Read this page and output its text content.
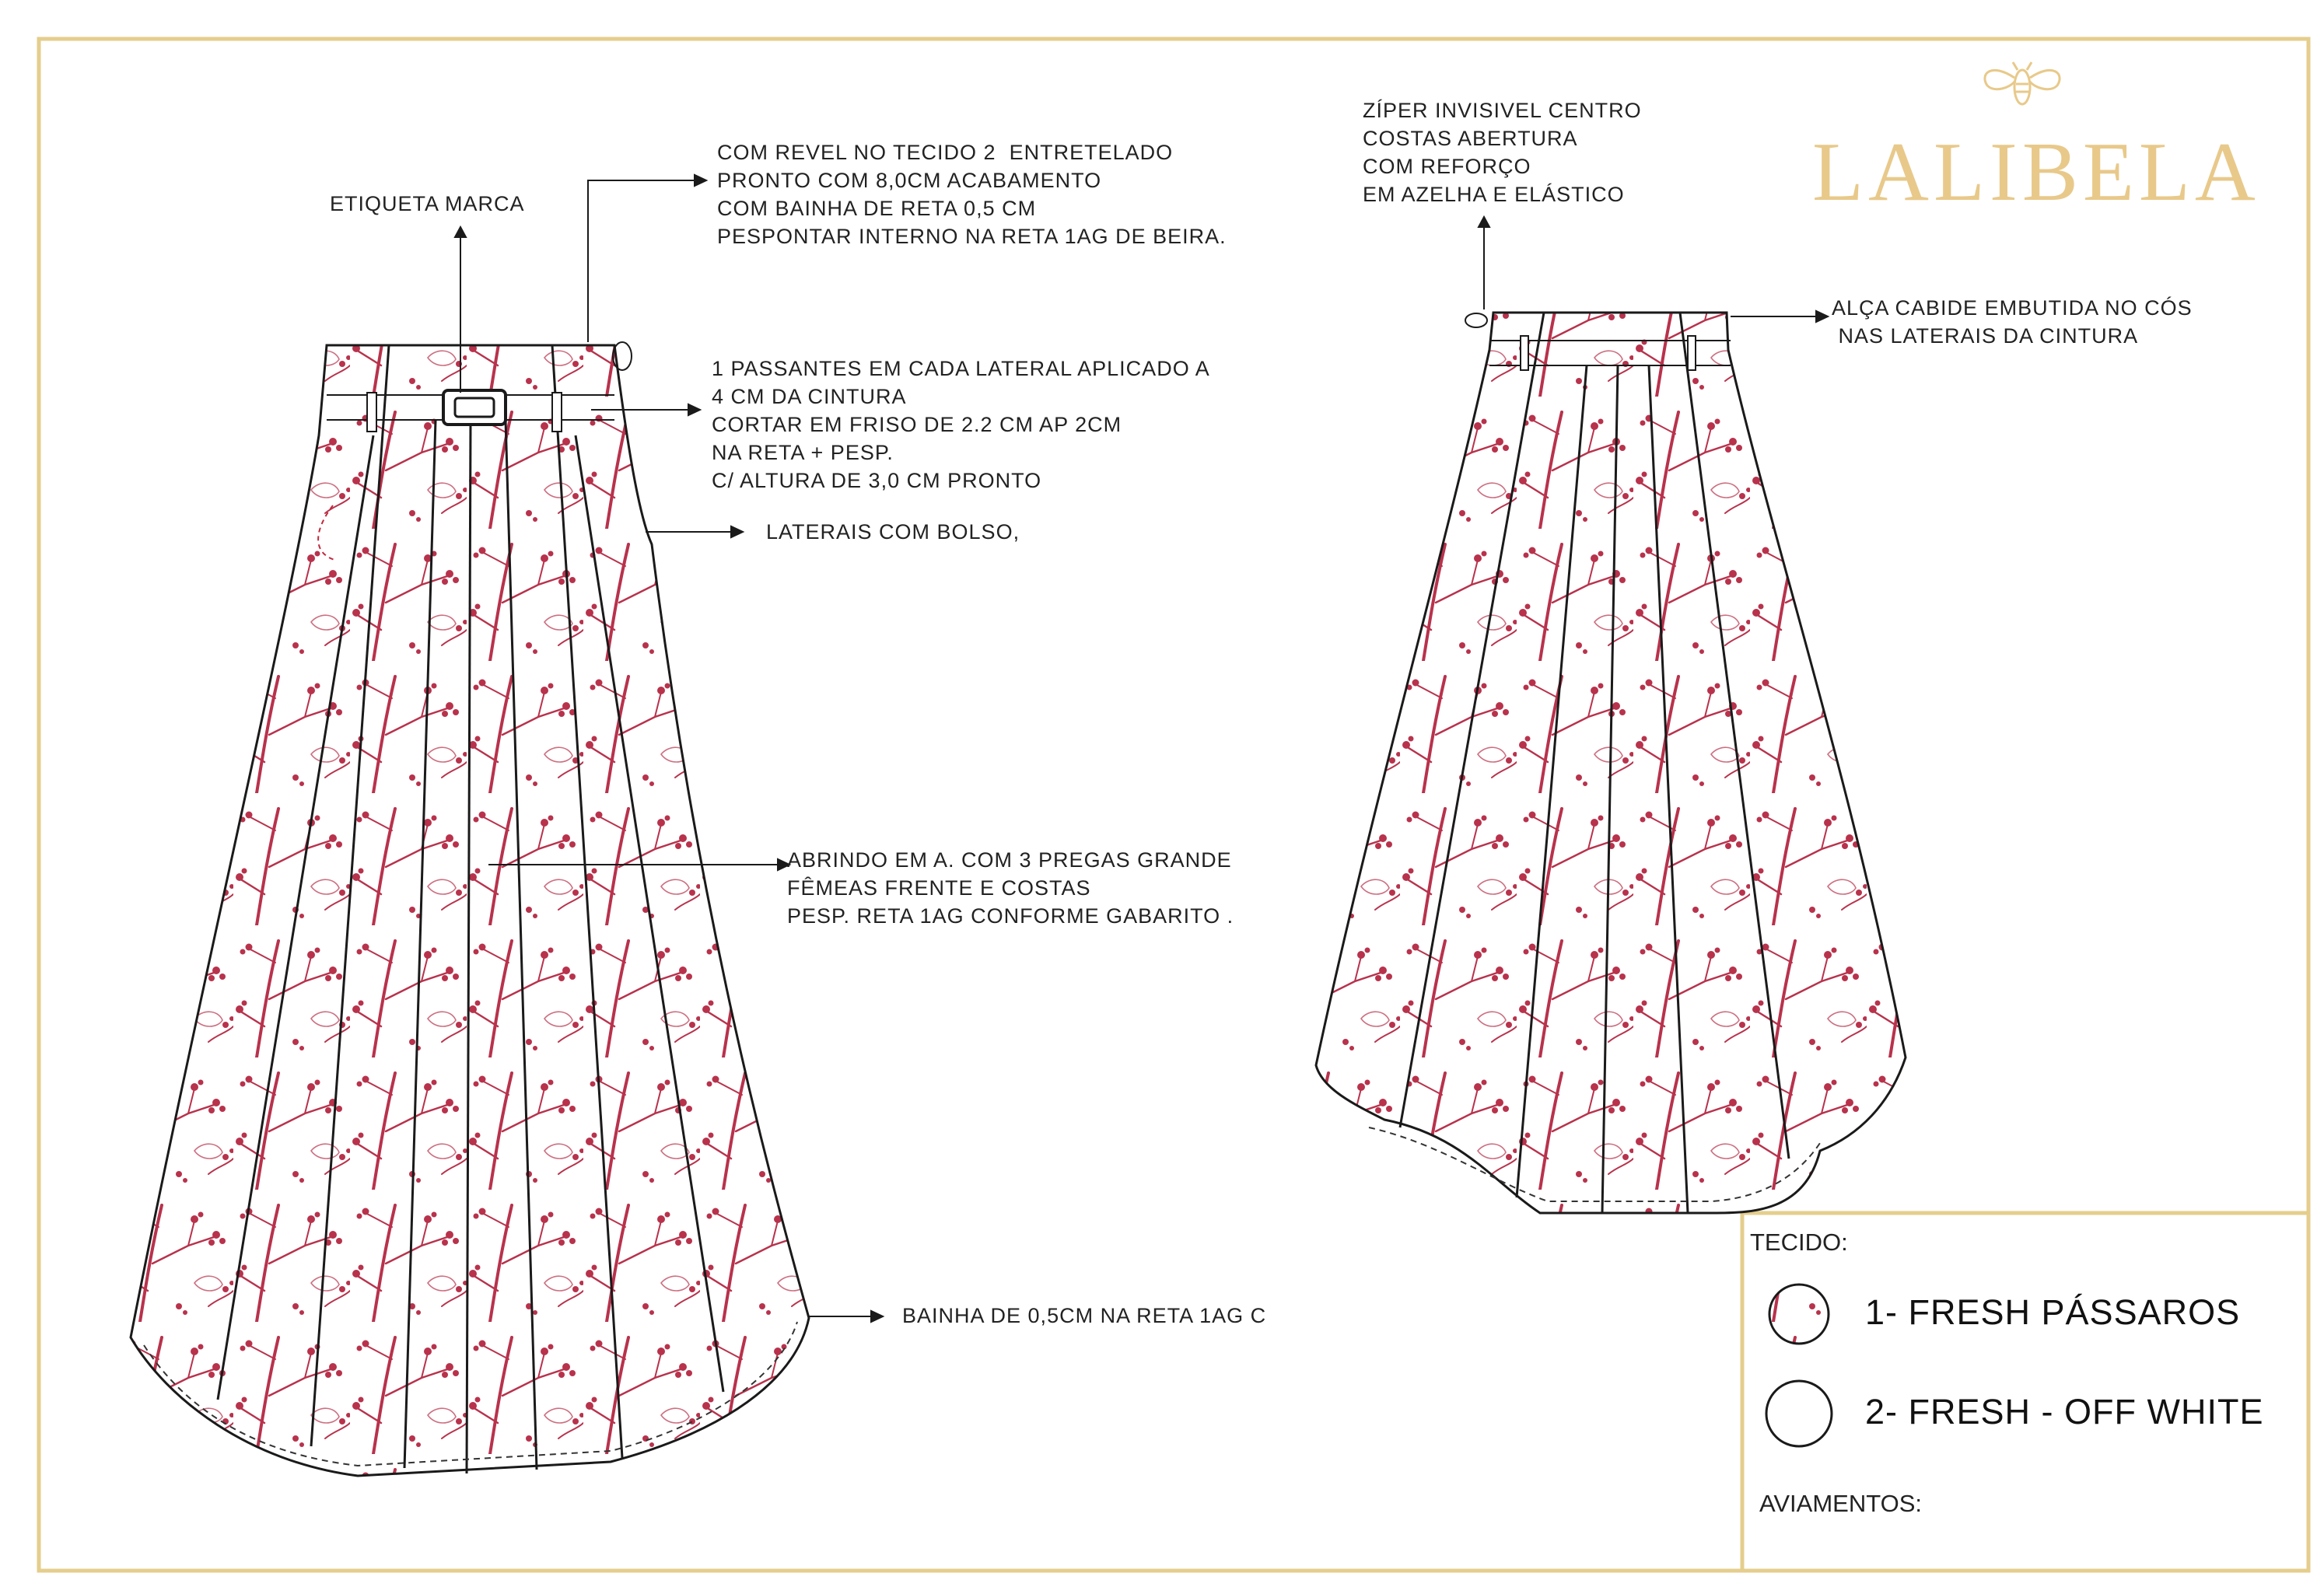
LALIBELA
ETIQUETA MARCA
COM REVEL NO TECIDO 2  ENTRETELADO
PRONTO COM 8,0CM ACABAMENTO
COM BAINHA DE RETA 0,5 CM
PESPONTAR INTERNO NA RETA 1AG DE BEIRA.
1 PASSANTES EM CADA LATERAL APLICADO A
4 CM DA CINTURA
CORTAR EM FRISO DE 2.2 CM AP 2CM
NA RETA + PESP.
C/ ALTURA DE 3,0 CM PRONTO
LATERAIS COM BOLSO,
ABRINDO EM A. COM 3 PREGAS GRANDE
FÊMEAS FRENTE E COSTAS
PESP. RETA 1AG CONFORME GABARITO .
BAINHA DE 0,5CM NA RETA 1AG C
ZÍPER INVISIVEL CENTRO
COSTAS ABERTURA
COM REFORÇO
EM AZELHA E ELÁSTICO
ALÇA CABIDE EMBUTIDA NO CÓS
NAS LATERAIS DA CINTURA
TECIDO:
1- FRESH PÁSSAROS
2- FRESH - OFF WHITE
AVIAMENTOS:
